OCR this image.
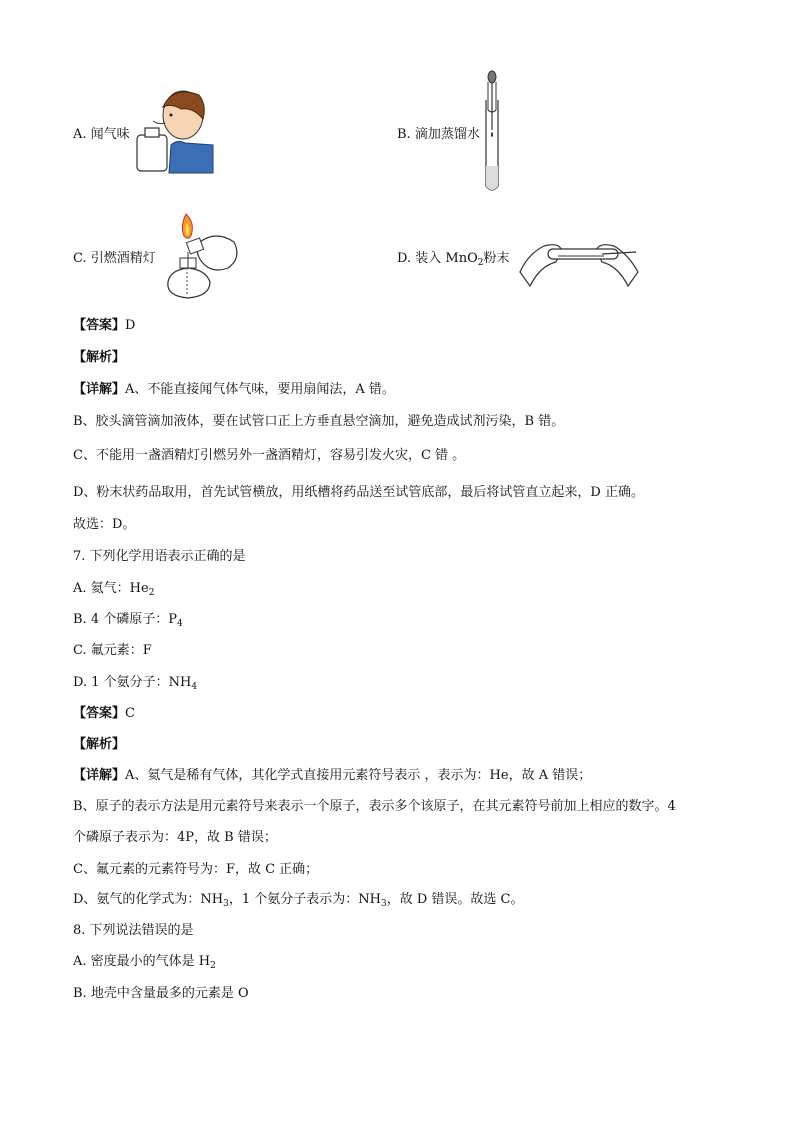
A. 闻气味	B. 滴加蒸馏水
C. 引燃酒精灯	D. 装入 MnO$_2$粉末
【答案】D
【解析】
【详解】A、不能直接闻气体气味，要用扇闻法，A 错。
B、胶头滴管滴加液体，要在试管口正上方垂直悬空滴加，避免造成试剂污染，B 错。
C、不能用一盏酒精灯引燃另外一盏酒精灯，容易引发火灾，C 错 。
D、粉末状药品取用，首先试管横放，用纸槽将药品送至试管底部，最后将试管直立起来，D 正确。
故选：D。
7. 下列化学用语表示正确的是
A. 氦气：$He_2$
B. 4 个磷原子：$P_4$
C. 氟元素：F
D. 1 个氨分子：$NH_4$
【答案】C
【解析】
【详解】A、氦气是稀有气体，其化学式直接用元素符号表示 ，表示为：He，故 A 错误；
B、原子的表示方法是用元素符号来表示一个原子，表示多个该原子，在其元素符号前加上相应的数字。4
个磷原子表示为：4P，故 B 错误；
C、氟元素的元素符号为：F，故 C 正确；
D、氨气的化学式为：$NH_3$，1 个氨分子表示为：$NH_3$，故 D 错误。故选 C。
8. 下列说法错误的是
A. 密度最小的气体是 $H_2$
B. 地壳中含量最多的元素是 O
